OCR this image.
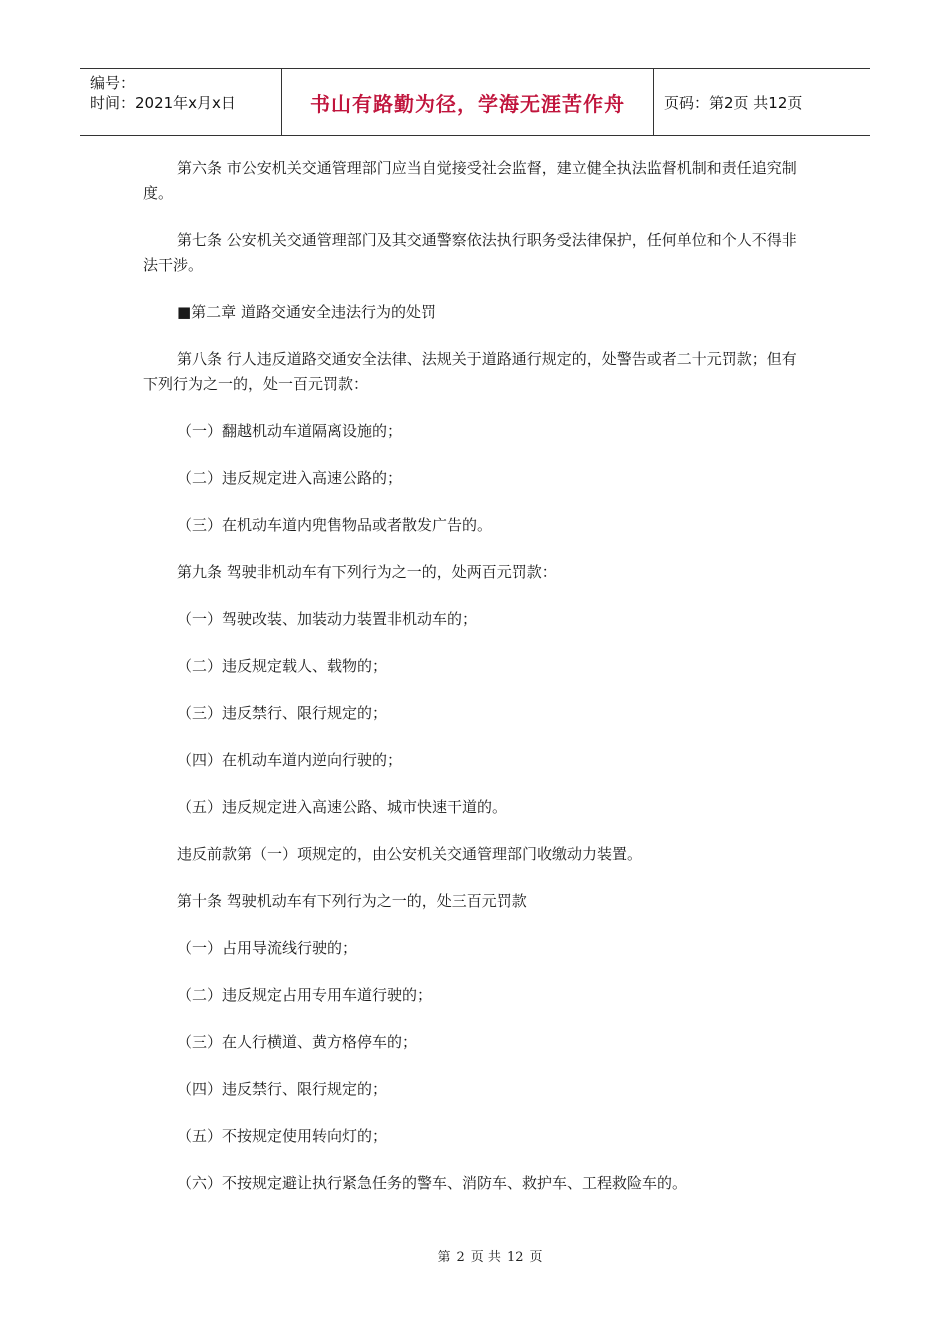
编号：
时间：2021年x月x日	书山有路勤为径，学海无涯苦作舟	页码：第2页 共12页

第六条 市公安机关交通管理部门应当自觉接受社会监督，建立健全执法监督机制和责任追究制度。

第七条 公安机关交通管理部门及其交通警察依法执行职务受法律保护，任何单位和个人不得非法干涉。

■第二章 道路交通安全违法行为的处罚

第八条 行人违反道路交通安全法律、法规关于道路通行规定的，处警告或者二十元罚款；但有下列行为之一的，处一百元罚款：

（一）翻越机动车道隔离设施的；

（二）违反规定进入高速公路的；

（三）在机动车道内兜售物品或者散发广告的。

第九条 驾驶非机动车有下列行为之一的，处两百元罚款：

（一）驾驶改装、加装动力装置非机动车的；

（二）违反规定载人、载物的；

（三）违反禁行、限行规定的；

（四）在机动车道内逆向行驶的；

（五）违反规定进入高速公路、城市快速干道的。

违反前款第（一）项规定的，由公安机关交通管理部门收缴动力装置。

第十条 驾驶机动车有下列行为之一的，处三百元罚款

（一）占用导流线行驶的；

（二）违反规定占用专用车道行驶的；

（三）在人行横道、黄方格停车的；

（四）违反禁行、限行规定的；

（五）不按规定使用转向灯的；

（六）不按规定避让执行紧急任务的警车、消防车、救护车、工程救险车的。

第 2 页 共 12 页
